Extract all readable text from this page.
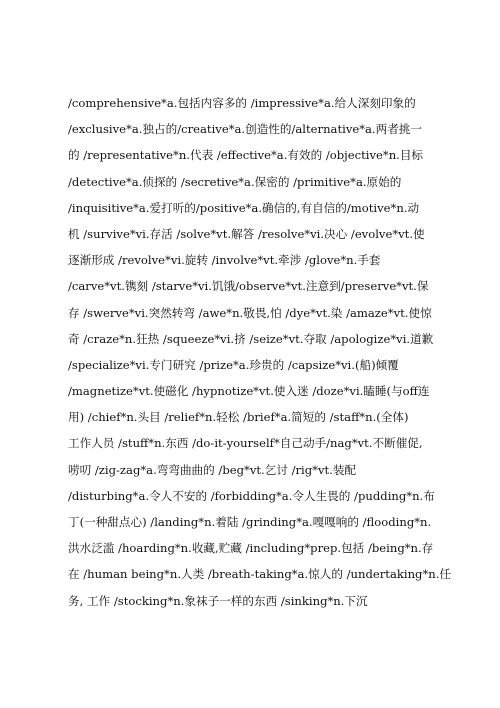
/comprehensive*a.包括内容多的 /impressive*a.给人深刻印象的
/exclusive*a.独占的/creative*a.创造性的/alternative*a.两者挑一
的 /representative*n.代表 /effective*a.有效的 /objective*n.目标
/detective*a.侦探的 /secretive*a.保密的 /primitive*a.原始的
/inquisitive*a.爱打听的/positive*a.确信的,有自信的/motive*n.动
机 /survive*vi.存活 /solve*vt.解答 /resolve*vi.决心 /evolve*vt.使
逐渐形成 /revolve*vi.旋转 /involve*vt.牵涉 /glove*n.手套
/carve*vt.镌刻 /starve*vi.饥饿/observe*vt.注意到/preserve*vt.保
存 /swerve*vi.突然转弯 /awe*n.敬畏,怕 /dye*vt.染 /amaze*vt.使惊
奇 /craze*n.狂热 /squeeze*vi.挤 /seize*vt.夺取 /apologize*vi.道歉
/specialize*vi.专门研究 /prize*a.珍贵的 /capsize*vi.(船)倾覆
/magnetize*vt.使磁化 /hypnotize*vt.使入迷 /doze*vi.瞌睡(与off连
用) /chief*n.头目 /relief*n.轻松 /brief*a.简短的 /staff*n.(全体)
工作人员 /stuff*n.东西 /do-it-yourself*自己动手/nag*vt.不断催促,
唠叨 /zig-zag*a.弯弯曲曲的 /beg*vt.乞讨 /rig*vt.装配
/disturbing*a.令人不安的 /forbidding*a.令人生畏的 /pudding*n.布
丁(一种甜点心) /landing*n.着陆 /grinding*a.嘎嘎响的 /flooding*n.
洪水泛滥 /hoarding*n.收藏,贮藏 /including*prep.包括 /being*n.存
在 /human being*n.人类 /breath-taking*a.惊人的 /undertaking*n.任
务, 工作 /stocking*n.象袜子一样的东西 /sinking*n.下沉
